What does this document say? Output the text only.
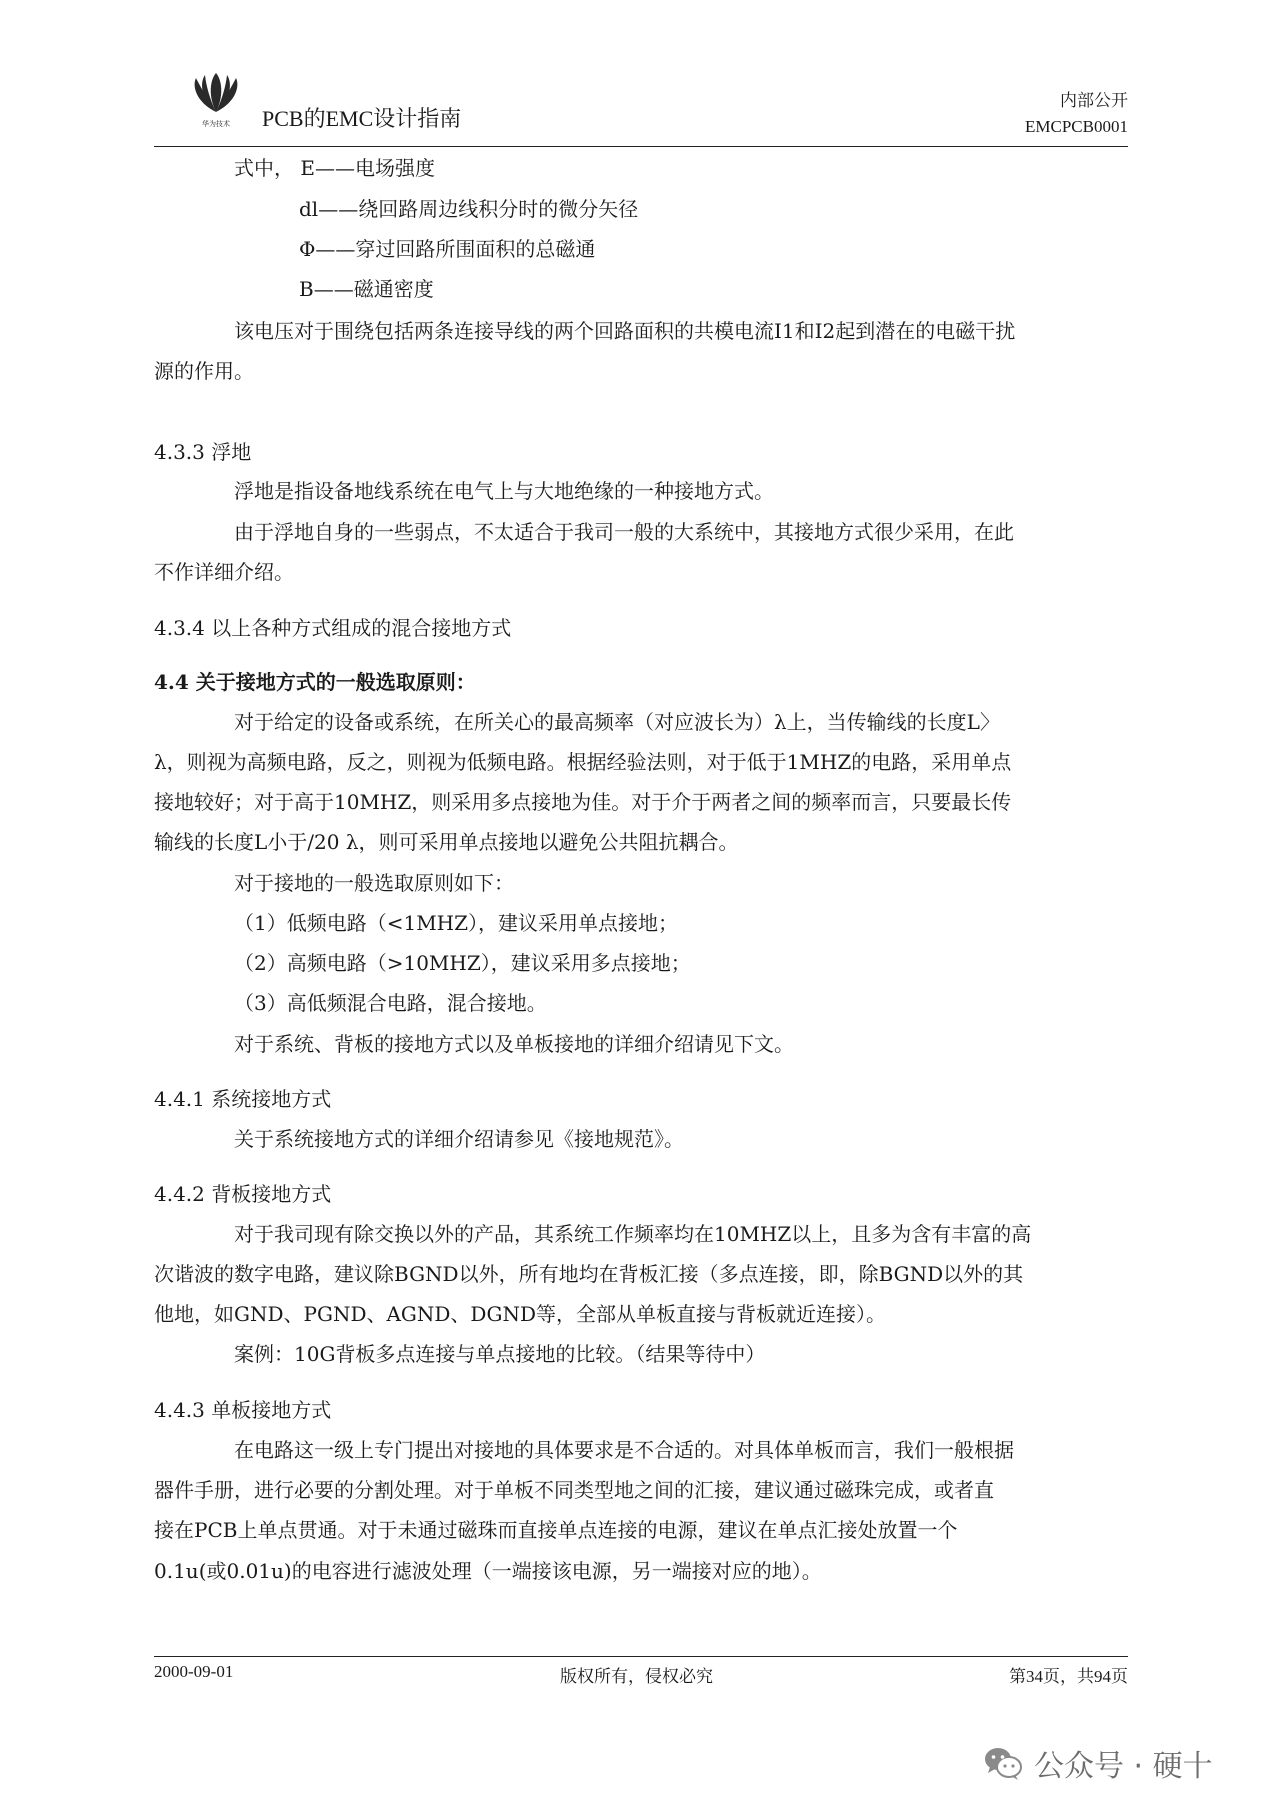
华为技术 PCB的EMC设计指南
内部公开
EMCPCB0001
式中， E——电场强度
dl——绕回路周边线积分时的微分矢径
Φ——穿过回路所围面积的总磁通
B——磁通密度
该电压对于围绕包括两条连接导线的两个回路面积的共模电流I1和I2起到潜在的电磁干扰
源的作用。
4.3.3 浮地
浮地是指设备地线系统在电气上与大地绝缘的一种接地方式。
由于浮地自身的一些弱点，不太适合于我司一般的大系统中，其接地方式很少采用，在此
不作详细介绍。
4.3.4 以上各种方式组成的混合接地方式
4.4 关于接地方式的一般选取原则：
对于给定的设备或系统，在所关心的最高频率（对应波长为）λ上，当传输线的长度L〉
λ，则视为高频电路，反之，则视为低频电路。根据经验法则，对于低于1MHZ的电路，采用单点
接地较好；对于高于10MHZ，则采用多点接地为佳。对于介于两者之间的频率而言，只要最长传
输线的长度L小于/20 λ，则可采用单点接地以避免公共阻抗耦合。
对于接地的一般选取原则如下：
（1）低频电路（<1MHZ），建议采用单点接地；
（2）高频电路（>10MHZ），建议采用多点接地；
（3）高低频混合电路，混合接地。
对于系统、背板的接地方式以及单板接地的详细介绍请见下文。
4.4.1 系统接地方式
关于系统接地方式的详细介绍请参见《接地规范》。
4.4.2 背板接地方式
对于我司现有除交换以外的产品，其系统工作频率均在10MHZ以上，且多为含有丰富的高
次谐波的数字电路，建议除BGND以外，所有地均在背板汇接（多点连接，即，除BGND以外的其
他地，如GND、PGND、AGND、DGND等，全部从单板直接与背板就近连接）。
案例：10G背板多点连接与单点接地的比较。（结果等待中）
4.4.3 单板接地方式
在电路这一级上专门提出对接地的具体要求是不合适的。对具体单板而言，我们一般根据
器件手册，进行必要的分割处理。对于单板不同类型地之间的汇接，建议通过磁珠完成，或者直
接在PCB上单点贯通。对于未通过磁珠而直接单点连接的电源，建议在单点汇接处放置一个
0.1u(或0.01u)的电容进行滤波处理（一端接该电源，另一端接对应的地）。
2000-09-01	版权所有，侵权必究	第34页，共94页
公众号 · 硬十
